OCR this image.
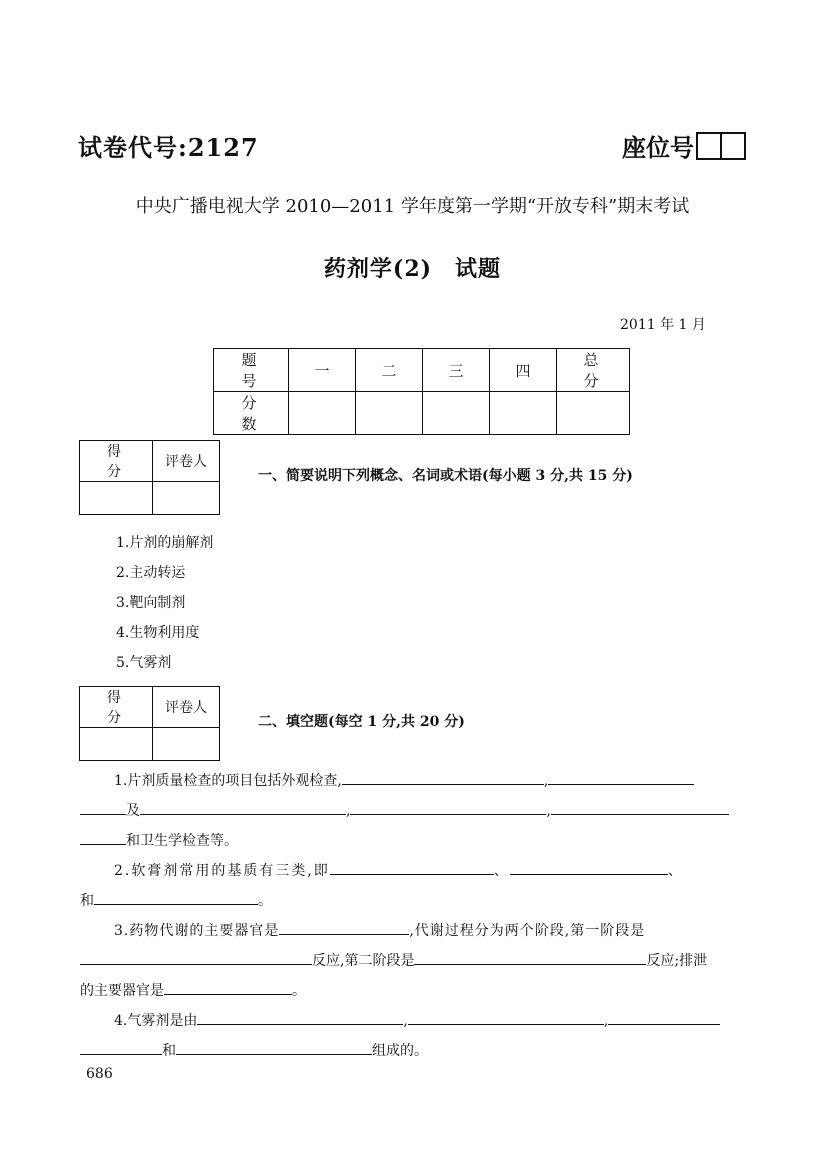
试卷代号:2127	座位号
中央广播电视大学 2010—2011 学年度第一学期“开放专科”期末考试
药剂学(2)　试题
2011 年 1 月
题　号	一	二	三	四	总　分
分　数					
得　分	评卷人

一、简要说明下列概念、名词或术语(每小题 3 分,共 15 分)
1.片剂的崩解剂
2.主动转运
3.靶向制剂
4.生物利用度
5.气雾剂
得　分	评卷人

二、填空题(每空 1 分,共 20 分)
1.片剂质量检查的项目包括外观检查,	,
及	,	,
和卫生学检查等。
2.软膏剂常用的基质有三类,即	、	、
和	。
3.药物代谢的主要器官是	,代谢过程分为两个阶段,第一阶段是
反应,第二阶段是	反应;排泄
的主要器官是	。
4.气雾剂是由	,	,
和	组成的。
686
